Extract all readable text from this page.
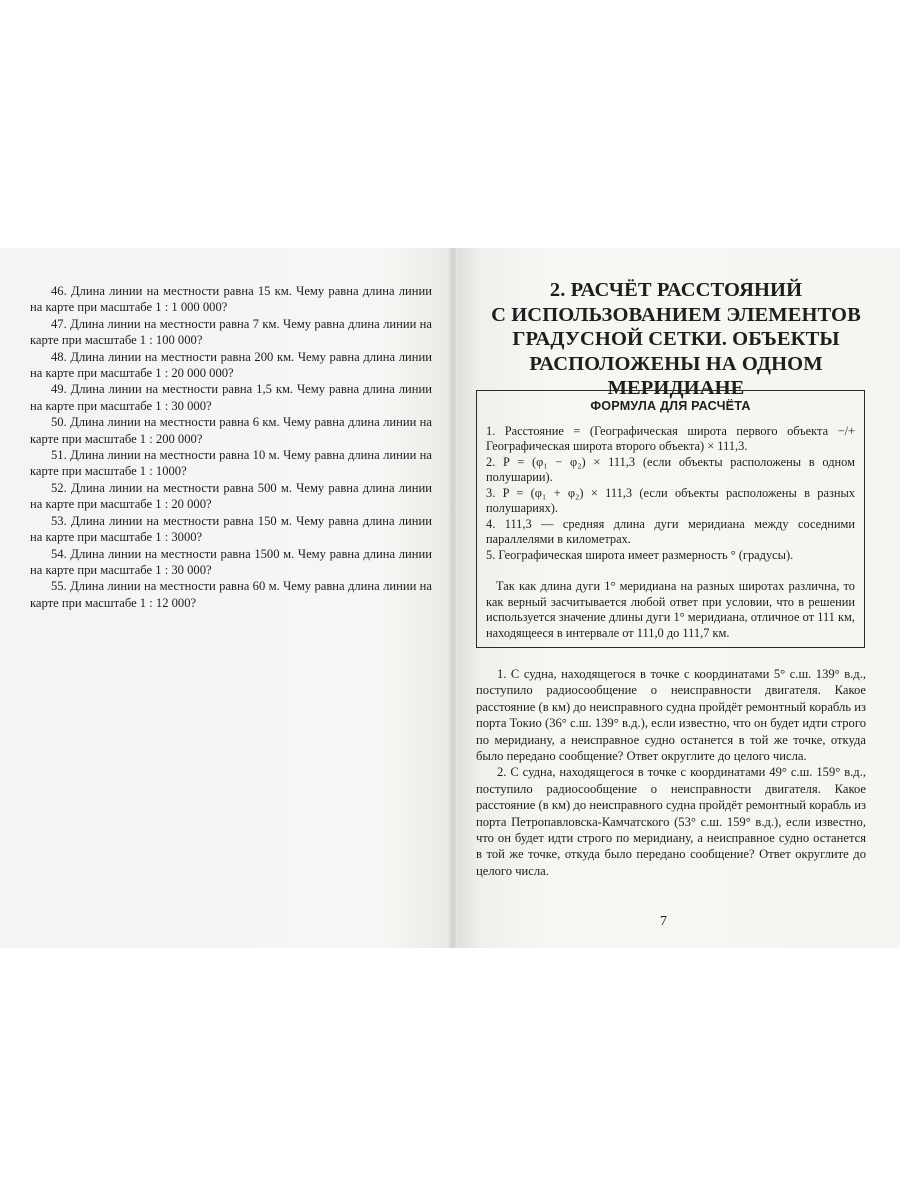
46. Длина линии на местности равна 15 км. Чему равна длина линии на карте при масштабе 1 : 1 000 000?

47. Длина линии на местности равна 7 км. Чему равна длина линии на карте при масштабе 1 : 100 000?

48. Длина линии на местности равна 200 км. Чему равна длина линии на карте при масштабе 1 : 20 000 000?

49. Длина линии на местности равна 1,5 км. Чему равна длина линии на карте при масштабе 1 : 30 000?

50. Длина линии на местности равна 6 км. Чему равна длина линии на карте при масштабе 1 : 200 000?

51. Длина линии на местности равна 10 м. Чему равна длина линии на карте при масштабе 1 : 1000?

52. Длина линии на местности равна 500 м. Чему равна длина линии на карте при масштабе 1 : 20 000?

53. Длина линии на местности равна 150 м. Чему равна длина линии на карте при масштабе 1 : 3000?

54. Длина линии на местности равна 1500 м. Чему равна длина линии на карте при масштабе 1 : 30 000?

55. Длина линии на местности равна 60 м. Чему равна длина линии на карте при масштабе 1 : 12 000?

2. РАСЧЁТ РАССТОЯНИЙ
С ИСПОЛЬЗОВАНИЕМ ЭЛЕМЕНТОВ
ГРАДУСНОЙ СЕТКИ. ОБЪЕКТЫ
РАСПОЛОЖЕНЫ НА ОДНОМ МЕРИДИАНЕ

ФОРМУЛА ДЛЯ РАСЧЁТА

1. Расстояние = (Географическая широта первого объекта −/+ Географическая широта второго объекта) × 111,3.

2. P = (φ₁ − φ₂) × 111,3 (если объекты расположены в одном полушарии).

3. P = (φ₁ + φ₂) × 111,3 (если объекты расположены в разных полушариях).

4. 111,3 — средняя длина дуги меридиана между соседними параллелями в километрах.

5. Географическая широта имеет размерность ° (градусы).

Так как длина дуги 1° меридиана на разных широтах различна, то как верный засчитывается любой ответ при условии, что в решении используется значение длины дуги 1° меридиана, отличное от 111 км, находящееся в интервале от 111,0 до 111,7 км.

1. С судна, находящегося в точке с координатами 5° с.ш. 139° в.д., поступило радиосообщение о неисправности двигателя. Какое расстояние (в км) до неисправного судна пройдёт ремонтный корабль из порта Токио (36° с.ш. 139° в.д.), если известно, что он будет идти строго по меридиану, а неисправное судно останется в той же точке, откуда было передано сообщение? Ответ округлите до целого числа.

2. С судна, находящегося в точке с координатами 49° с.ш. 159° в.д., поступило радиосообщение о неисправности двигателя. Какое расстояние (в км) до неисправного судна пройдёт ремонтный корабль из порта Петропавловска-Камчатского (53° с.ш. 159° в.д.), если известно, что он будет идти строго по меридиану, а неисправное судно останется в той же точке, откуда было передано сообщение? Ответ округлите до целого числа.

7
